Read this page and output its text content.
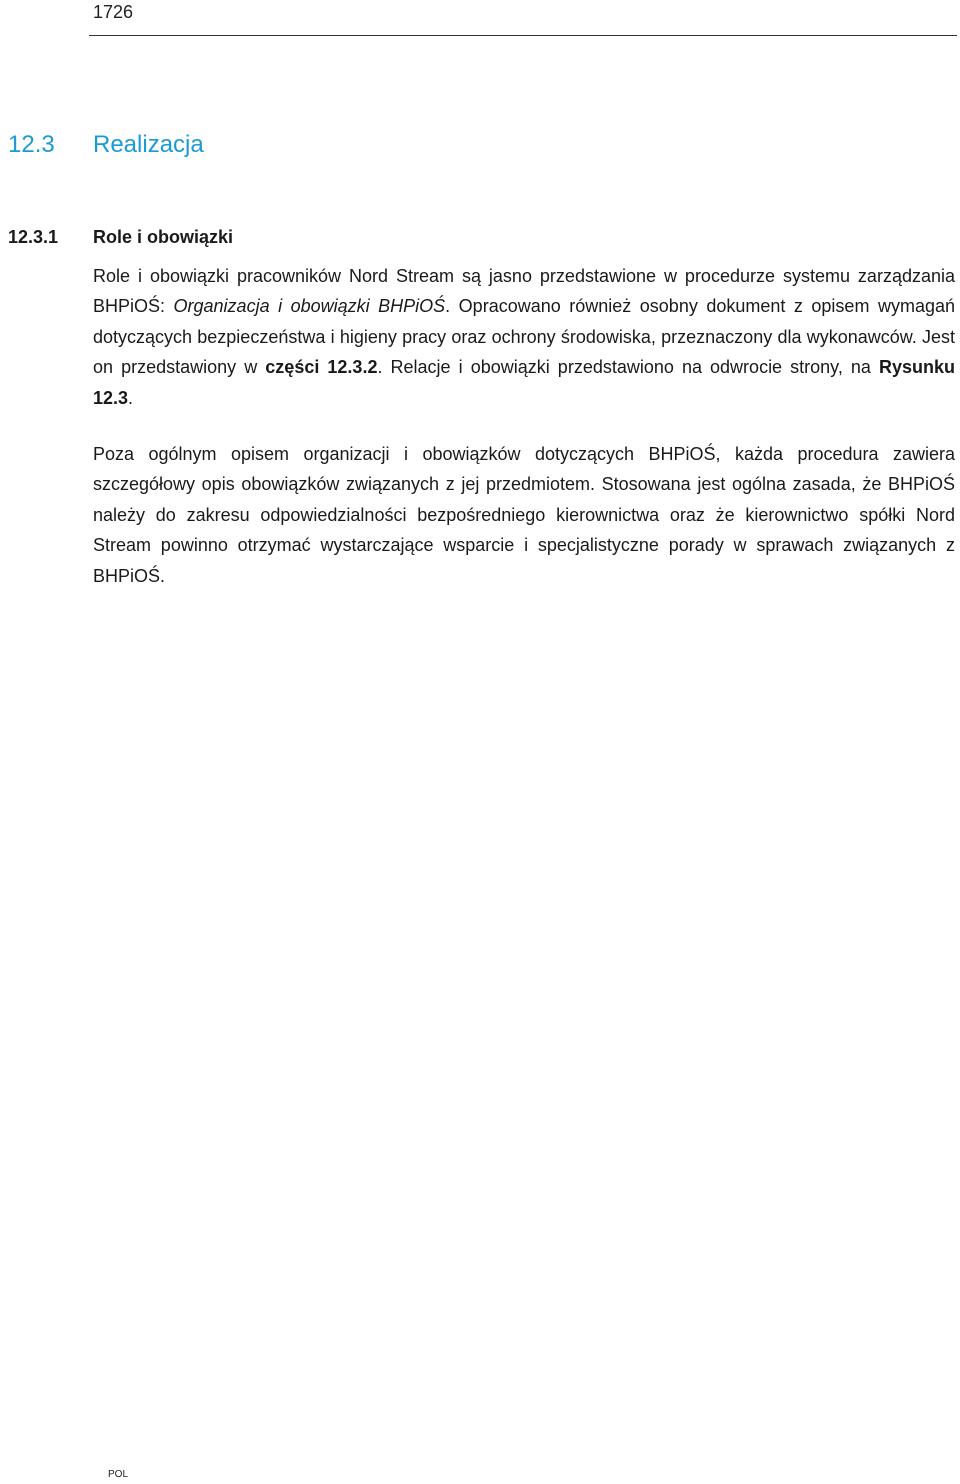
1726
12.3 Realizacja
12.3.1 Role i obowiązki
Role i obowiązki pracowników Nord Stream są jasno przedstawione w procedurze systemu zarządzania BHPiOŚ: Organizacja i obowiązki BHPiOŚ. Opracowano również osobny dokument z opisem wymagań dotyczących bezpieczeństwa i higieny pracy oraz ochrony środowiska, przeznaczony dla wykonawców. Jest on przedstawiony w części 12.3.2. Relacje i obowiązki przedstawiono na odwrocie strony, na Rysunku 12.3.
Poza ogólnym opisem organizacji i obowiązków dotyczących BHPiOŚ, każda procedura zawiera szczegółowy opis obowiązków związanych z jej przedmiotem. Stosowana jest ogólna zasada, że BHPiOŚ należy do zakresu odpowiedzialności bezpośredniego kierownictwa oraz że kierownictwo spółki Nord Stream powinno otrzymać wystarczające wsparcie i specjalistyczne porady w sprawach związanych z BHPiOŚ.
POL
